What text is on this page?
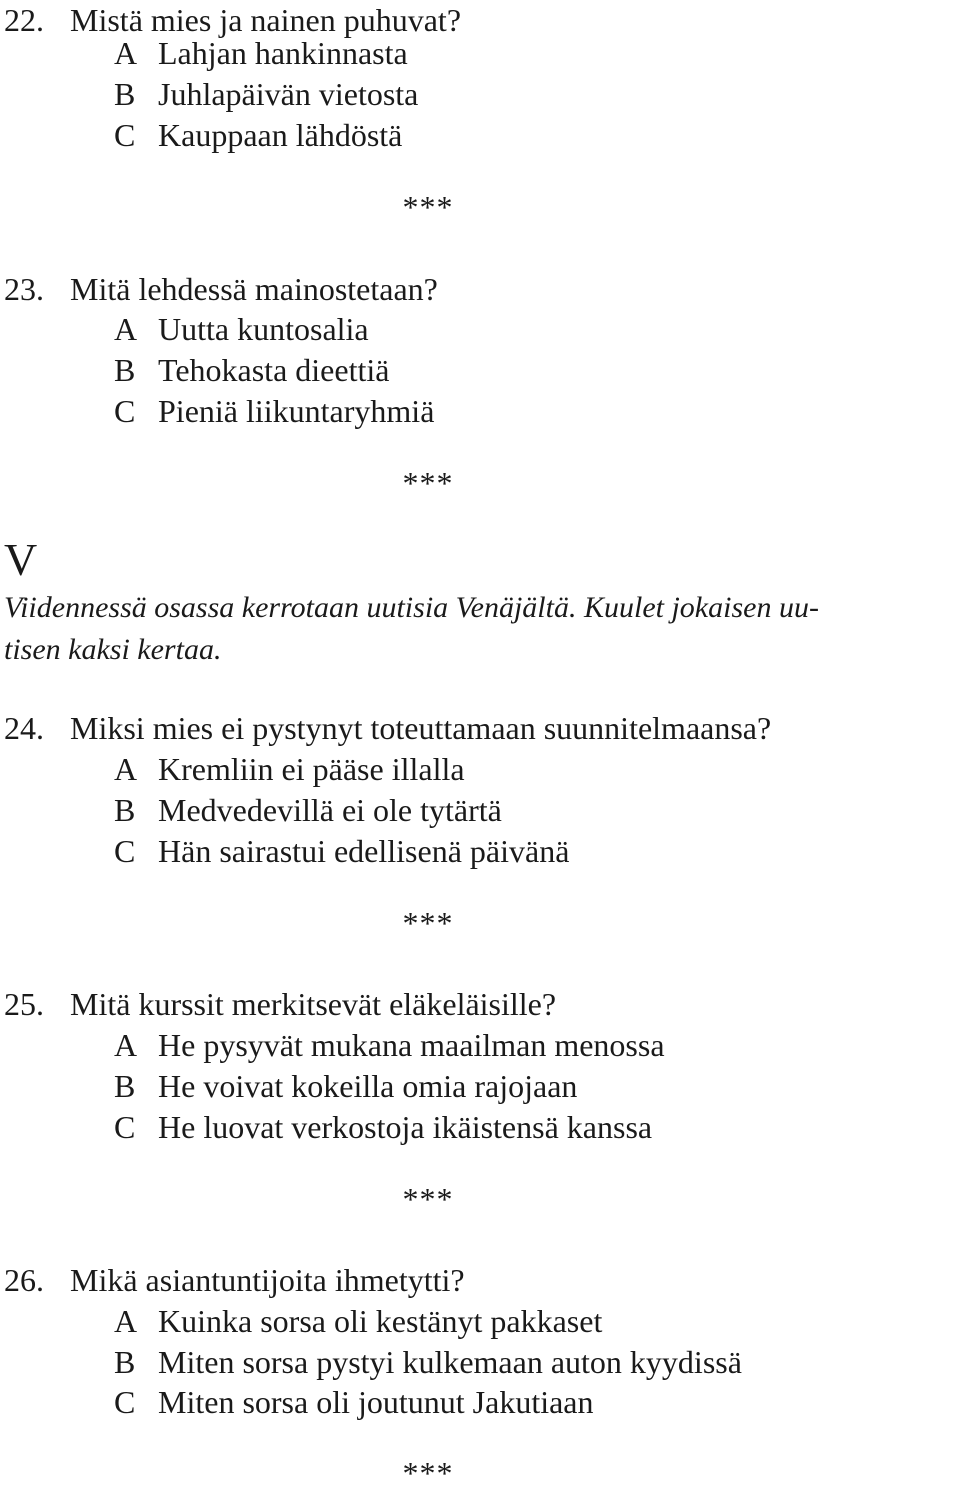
22. Mistä mies ja nainen puhuvat?
A Lahjan hankinnasta
B Juhlapäivän vietosta
C Kauppaan lähdöstä
***
23. Mitä lehdessä mainostetaan?
A Uutta kuntosalia
B Tehokasta dieettiä
C Pieniä liikuntaryhmiä
***
V
Viidennessä osassa kerrotaan uutisia Venäjältä. Kuulet jokaisen uu-
tisen kaksi kertaa.
24. Miksi mies ei pystynyt toteuttamaan suunnitelmaansa?
A Kremliin ei pääse illalla
B Medvedevillä ei ole tytärtä
C Hän sairastui edellisenä päivänä
***
25. Mitä kurssit merkitsevät eläkeläisille?
A He pysyvät mukana maailman menossa
B He voivat kokeilla omia rajojaan
C He luovat verkostoja ikäistensä kanssa
***
26. Mikä asiantuntijoita ihmetytti?
A Kuinka sorsa oli kestänyt pakkaset
B Miten sorsa pystyi kulkemaan auton kyydissä
C Miten sorsa oli joutunut Jakutiaan
***
